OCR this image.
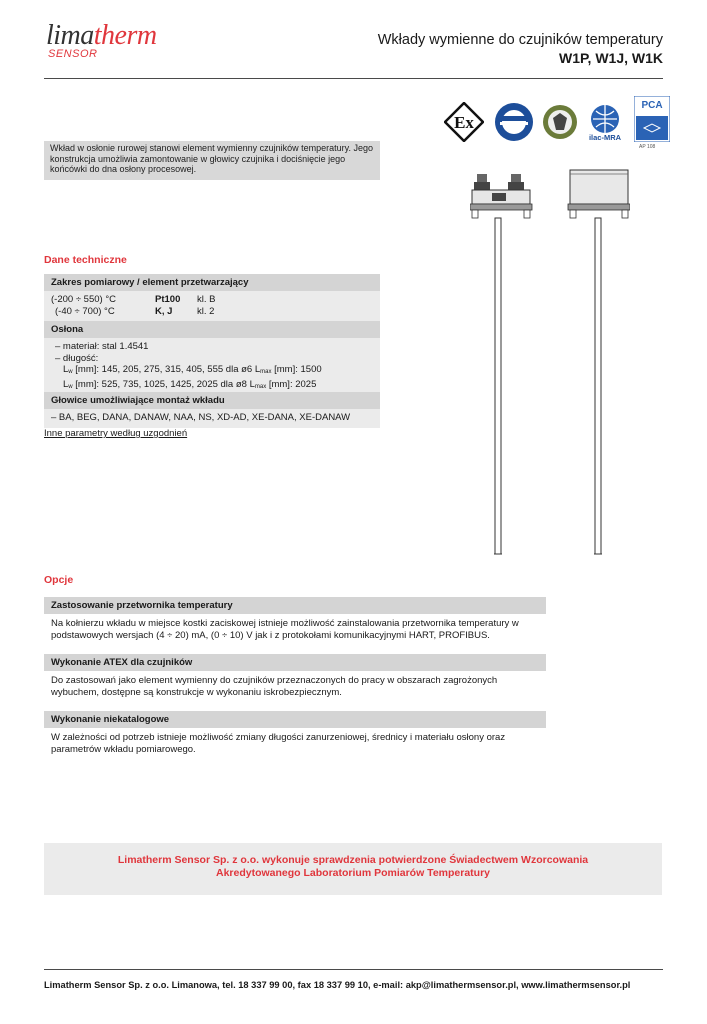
limatherm
SENSOR
Wkłady wymienne do czujników temperatury
W1P, W1J, W1K
Ex
ilac-MRA
PCA
AP 108
Wkład w osłonie rurowej stanowi element wymienny czujników temperatury. Jego konstrukcja umożliwia zamontowanie w głowicy czujnika i dociśnięcie jego końcówki do dna osłony procesowej.
Dane techniczne
Zakres pomiarowy / element przetwarzający
(-200 ÷ 550) °C	Pt100	kl. B
(-40 ÷ 700) °C	K, J	kl. 2
Osłona
– materiał: stal 1.4541
– długość:
$L_w$ [mm]: 145, 205, 275, 315, 405, 555 dla ø6 $L_{max}$ [mm]: 1500
$L_w$ [mm]: 525, 735, 1025, 1425, 2025 dla ø8 $L_{max}$ [mm]: 2025
Głowice umożliwiające montaż wkładu
– BA, BEG, DANA, DANAW, NAA, NS, XD-AD, XE-DANA, XE-DANAW
Inne parametry według uzgodnień
Opcje
Zastosowanie przetwornika temperatury
Na kołnierzu wkładu w miejsce kostki zaciskowej istnieje możliwość zainstalowania przetwornika temperatury w podstawowych wersjach (4 ÷ 20) mA, (0 ÷ 10) V jak i z protokołami komunikacyjnymi HART, PROFIBUS.
Wykonanie ATEX dla czujników
Do zastosowań jako element wymienny do czujników przeznaczonych do pracy w obszarach zagrożonych wybuchem, dostępne są konstrukcje w wykonaniu iskrobezpiecznym.
Wykonanie niekatalogowe
W zależności od potrzeb istnieje możliwość zmiany długości zanurzeniowej, średnicy i materiału osłony oraz parametrów wkładu pomiarowego.
Limatherm Sensor Sp. z o.o. wykonuje sprawdzenia potwierdzone Świadectwem Wzorcowania
Akredytowanego Laboratorium Pomiarów Temperatury
Limatherm Sensor Sp. z o.o. Limanowa, tel. 18 337 99 00, fax 18 337 99 10, e-mail: akp@limathermsensor.pl, www.limathermsensor.pl
